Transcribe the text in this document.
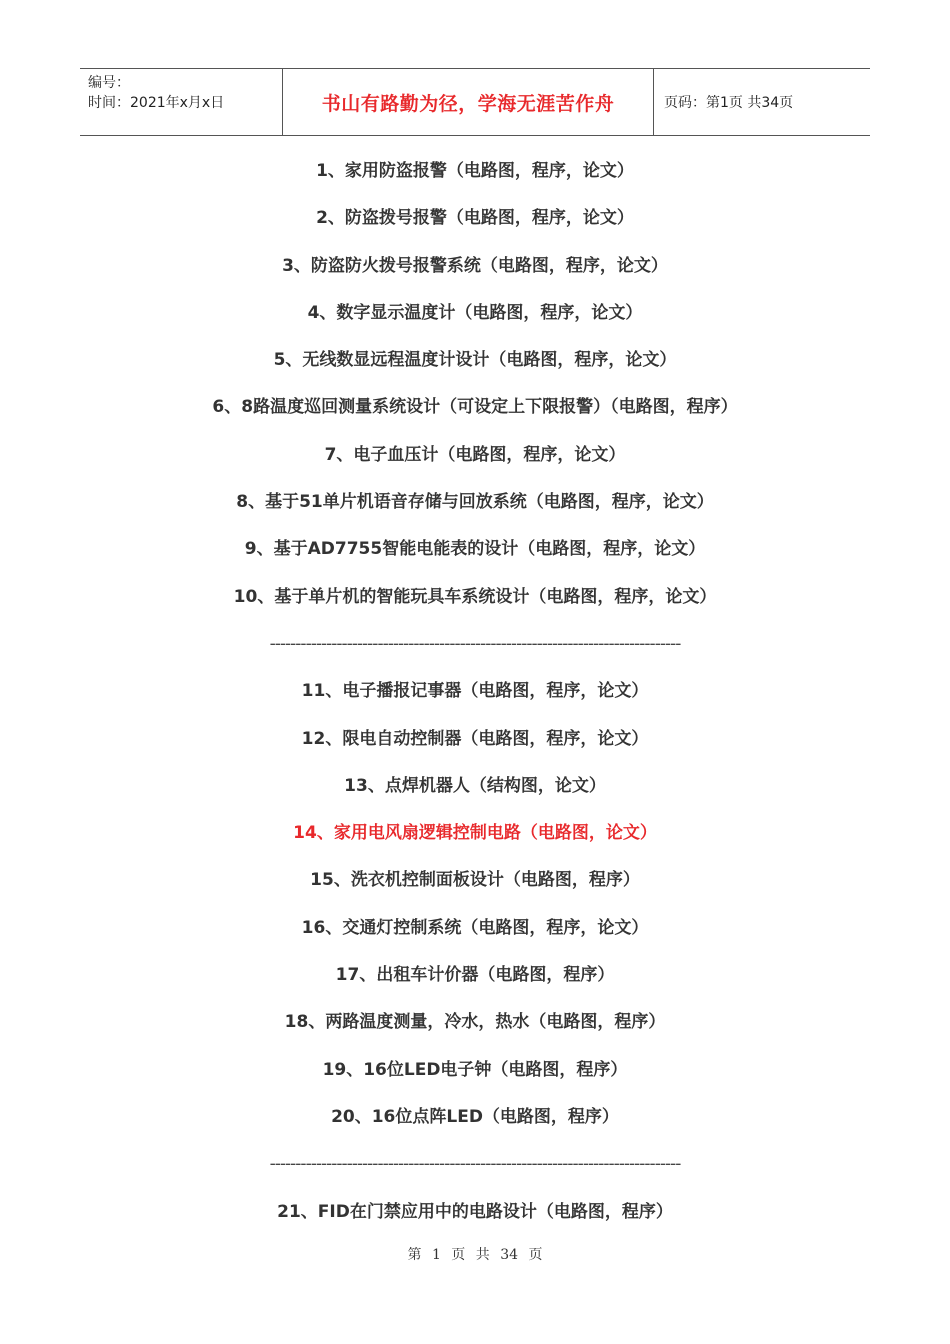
编号：
时间：2021年x月x日	书山有路勤为径，学海无涯苦作舟	页码：第1页 共34页
1、家用防盗报警（电路图，程序，论文）
2、防盗拨号报警（电路图，程序，论文）
3、防盗防火拨号报警系统（电路图，程序，论文）
4、数字显示温度计（电路图，程序，论文）
5、无线数显远程温度计设计（电路图，程序，论文）
6、8路温度巡回测量系统设计（可设定上下限报警）（电路图，程序）
7、电子血压计（电路图，程序，论文）
8、基于51单片机语音存储与回放系统（电路图，程序，论文）
9、基于AD7755智能电能表的设计（电路图，程序，论文）
10、基于单片机的智能玩具车系统设计（电路图，程序，论文）
--------------------------------------------------------------------------------
11、电子播报记事器（电路图，程序，论文）
12、限电自动控制器（电路图，程序，论文）
13、点焊机器人（结构图，论文）
14、家用电风扇逻辑控制电路（电路图，论文）
15、洗衣机控制面板设计（电路图，程序）
16、交通灯控制系统（电路图，程序，论文）
17、出租车计价器（电路图，程序）
18、两路温度测量，冷水，热水（电路图，程序）
19、16位LED电子钟（电路图，程序）
20、16位点阵LED（电路图，程序）
--------------------------------------------------------------------------------
21、FID在门禁应用中的电路设计（电路图，程序）
第 1 页 共 34 页
